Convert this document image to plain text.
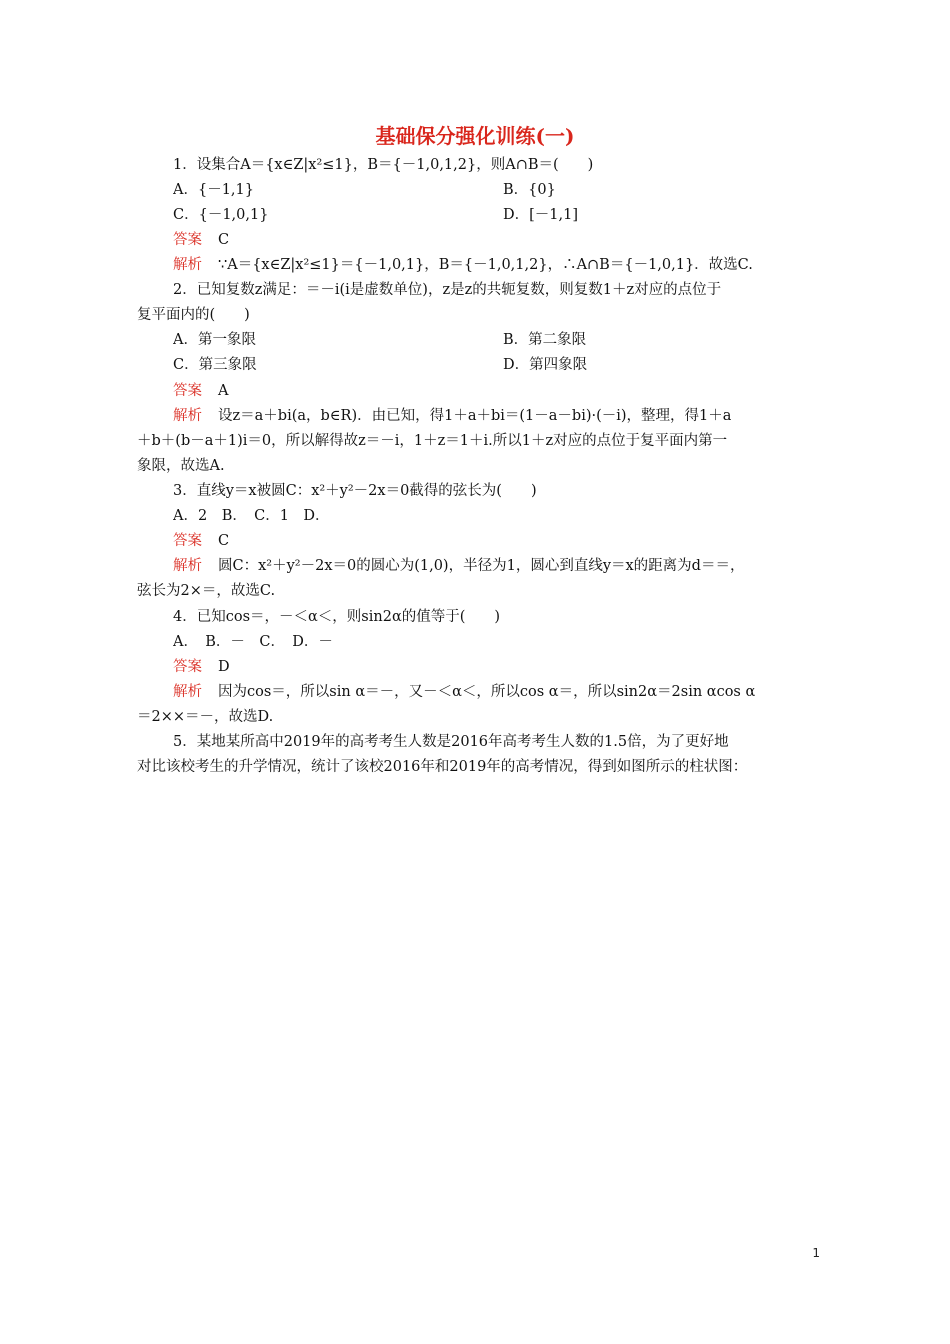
基础保分强化训练(一)
1．设集合A＝{x∈Z|x²≤1}，B＝{－1,0,1,2}，则A∩B＝(　　)
A．{－1,1}	B．{0}
C．{－1,0,1}	D．[－1,1]
答案 C
解析 ∵A＝{x∈Z|x²≤1}＝{－1,0,1}，B＝{－1,0,1,2}，∴A∩B＝{－1,0,1}．故选C.
2．已知复数z满足：＝－i(i是虚数单位)，z是z的共轭复数，则复数1＋z对应的点位于
复平面内的(　　)
A．第一象限	B．第二象限
C．第三象限	D．第四象限
答案 A
解析 设z＝a＋bi(a，b∈R)．由已知，得1＋a＋bi＝(1－a－bi)·(－i)，整理，得1＋a
＋b＋(b－a＋1)i＝0，所以解得故z＝－i，1＋z＝1＋i.所以1＋z对应的点位于复平面内第一
象限，故选A.
3．直线y＝x被圆C：x²＋y²－2x＝0截得的弦长为(　　)
A．2　B．　C．1　D．
答案 C
解析 圆C：x²＋y²－2x＝0的圆心为(1,0)，半径为1，圆心到直线y＝x的距离为d＝＝，
弦长为2×＝，故选C.
4．已知cos＝，－＜α＜，则sin2α的值等于(　　)
A．　B．－　C．　D．－
答案 D
解析 因为cos＝，所以sin α＝－，又－＜α＜，所以cos α＝，所以sin2α＝2sin αcos α
＝2××＝－，故选D.
5．某地某所高中2019年的高考考生人数是2016年高考考生人数的1.5倍，为了更好地
对比该校考生的升学情况，统计了该校2016年和2019年的高考情况，得到如图所示的柱状图：
1
